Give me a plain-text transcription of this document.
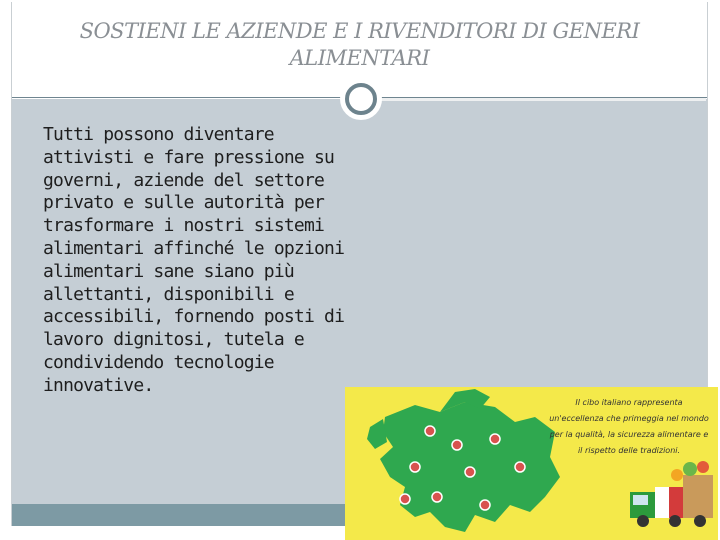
SOSTIENI LE AZIENDE E I RIVENDITORI DI GENERI ALIMENTARI
Tutti possono diventare
attivisti e fare pressione su
governi, aziende del settore
privato e sulle autorità per
trasformare i nostri sistemi
alimentari affinché le opzioni
alimentari sane siano più
allettanti, disponibili e
accessibili, fornendo posti di
lavoro dignitosi, tutela e
condividendo tecnologie
innovative.
Il cibo italiano rappresenta un'eccellenza che primeggia nel mondo per la qualità, la sicurezza alimentare e il rispetto delle tradizioni.
